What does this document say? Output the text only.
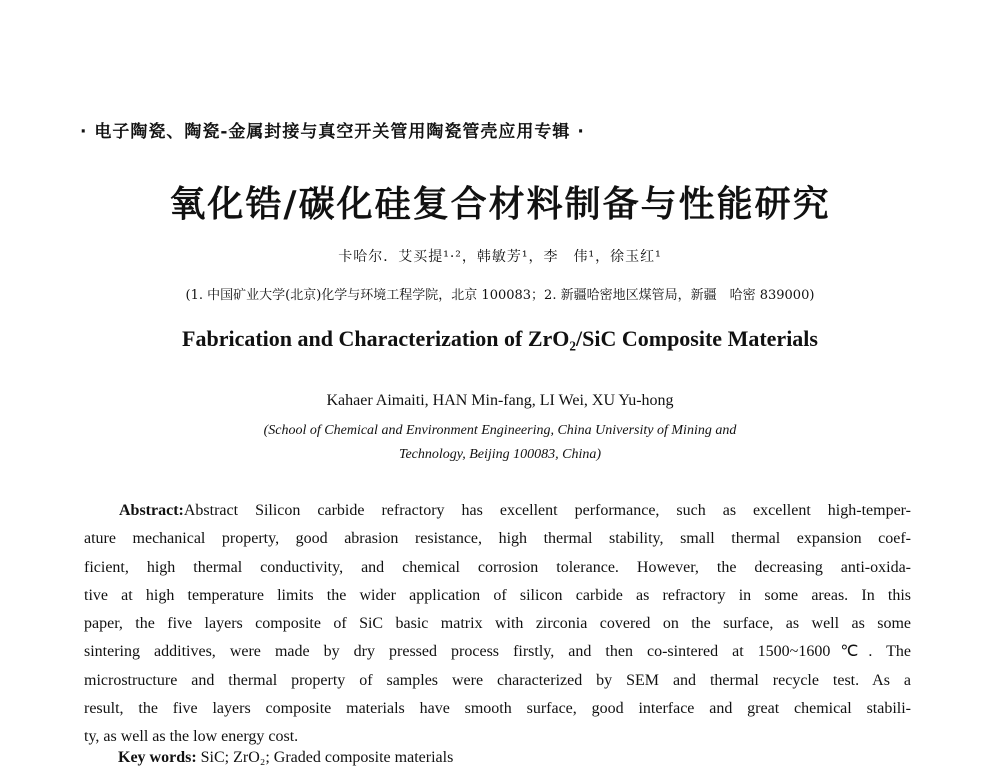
· 电子陶瓷、陶瓷-金属封接与真空开关管用陶瓷管壳应用专辑 ·
氧化锆/碳化硅复合材料制备与性能研究
卡哈尔．艾买提¹·²，韩敏芳¹，李　伟¹，徐玉红¹
(1. 中国矿业大学(北京)化学与环境工程学院，北京 100083；2. 新疆哈密地区煤管局，新疆　哈密 839000)
Fabrication and Characterization of ZrO₂/SiC Composite Materials
Kahaer Aimaiti, HAN Min-fang, LI Wei, XU Yu-hong
(School of Chemical and Environment Engineering, China University of Mining and
Technology, Beijing 100083, China)
Abstract:Abstract Silicon carbide refractory has excellent performance, such as excellent high-temper-
ature mechanical property, good abrasion resistance, high thermal stability, small thermal expansion coef-
ficient, high thermal conductivity, and chemical corrosion tolerance. However, the decreasing anti-oxida-
tive at high temperature limits the wider application of silicon carbide as refractory in some areas. In this
paper, the five layers composite of SiC basic matrix with zirconia covered on the surface, as well as some
sintering additives, were made by dry pressed process firstly, and then co-sintered at 1500~1600℃. The
microstructure and thermal property of samples were characterized by SEM and thermal recycle test. As a
result, the five layers composite materials have smooth surface, good interface and great chemical stabili-
ty, as well as the low energy cost.
Key words: SiC; ZrO₂; Graded composite materials
